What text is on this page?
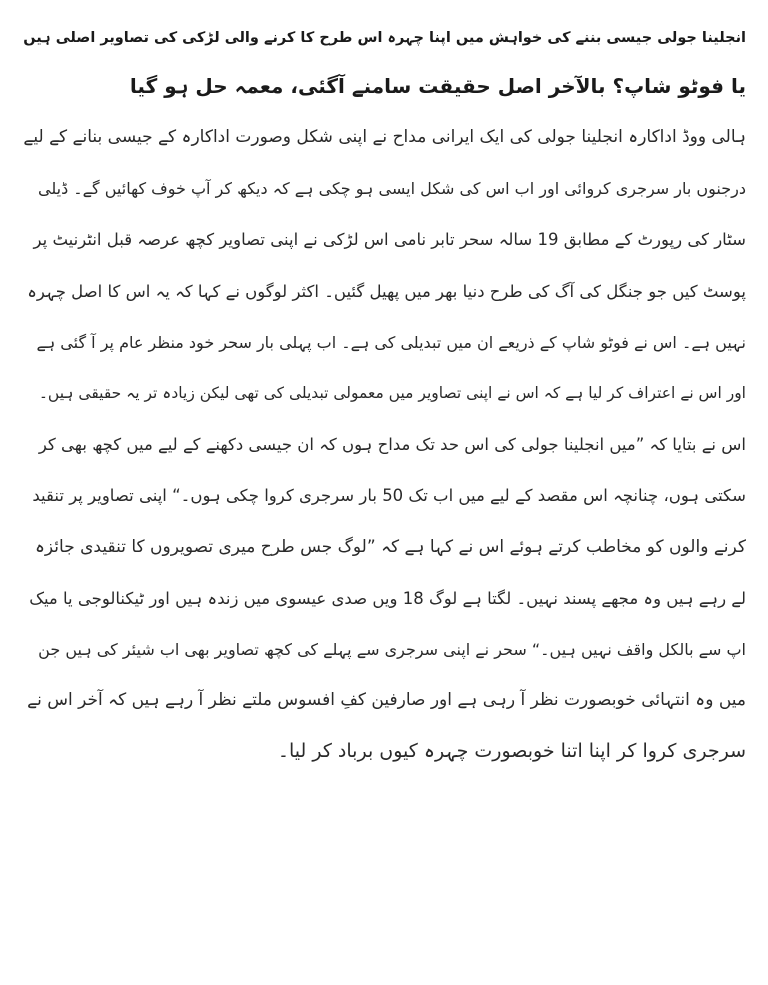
انجلینا جولی جیسی بننے کی خواہش میں اپنا چہرہ اس طرح کا کرنے والی لڑکی کی تصاویر اصلی ہیں
یا فوٹو شاپ؟ بالآخر اصل حقیقت سامنے آگئی، معمہ حل ہو گیا
ہالی ووڈ اداکارہ انجلینا جولی کی ایک ایرانی مداح نے اپنی شکل وصورت اداکارہ کے جیسی بنانے کے لیے
درجنوں بار سرجری کروائی اور اب اس کی شکل ایسی ہو چکی ہے کہ دیکھ کر آپ خوف کھائیں گے۔ ڈیلی
سٹار کی رپورٹ کے مطابق 19 سالہ سحر تابر نامی اس لڑکی نے اپنی تصاویر کچھ عرصہ قبل انٹرنیٹ پر
پوسٹ کیں جو جنگل کی آگ کی طرح دنیا بھر میں پھیل گئیں۔ اکثر لوگوں نے کہا کہ یہ اس کا اصل چہرہ
نہیں ہے۔ اس نے فوٹو شاپ کے ذریعے ان میں تبدیلی کی ہے۔ اب پہلی بار سحر خود منظر عام پر آ گئی ہے
اور اس نے اعتراف کر لیا ہے کہ اس نے اپنی تصاویر میں معمولی تبدیلی کی تھی لیکن زیادہ تر یہ حقیقی ہیں۔
اس نے بتایا کہ ”میں انجلینا جولی کی اس حد تک مداح ہوں کہ ان جیسی دکھنے کے لیے میں کچھ بھی کر
سکتی ہوں، چنانچہ اس مقصد کے لیے میں اب تک 50 بار سرجری کروا چکی ہوں۔“ اپنی تصاویر پر تنقید
کرنے والوں کو مخاطب کرتے ہوئے اس نے کہا ہے کہ ”لوگ جس طرح میری تصویروں کا تنقیدی جائزہ
لے رہے ہیں وہ مجھے پسند نہیں۔ لگتا ہے لوگ 18 ویں صدی عیسوی میں زندہ ہیں اور ٹیکنالوجی یا میک
اپ سے بالکل واقف نہیں ہیں۔“ سحر نے اپنی سرجری سے پہلے کی کچھ تصاویر بھی اب شیئر کی ہیں جن
میں وہ انتہائی خوبصورت نظر آ رہی ہے اور صارفین کفِ افسوس ملتے نظر آ رہے ہیں کہ آخر اس نے
سرجری کروا کر اپنا اتنا خوبصورت چہرہ کیوں برباد کر لیا۔
